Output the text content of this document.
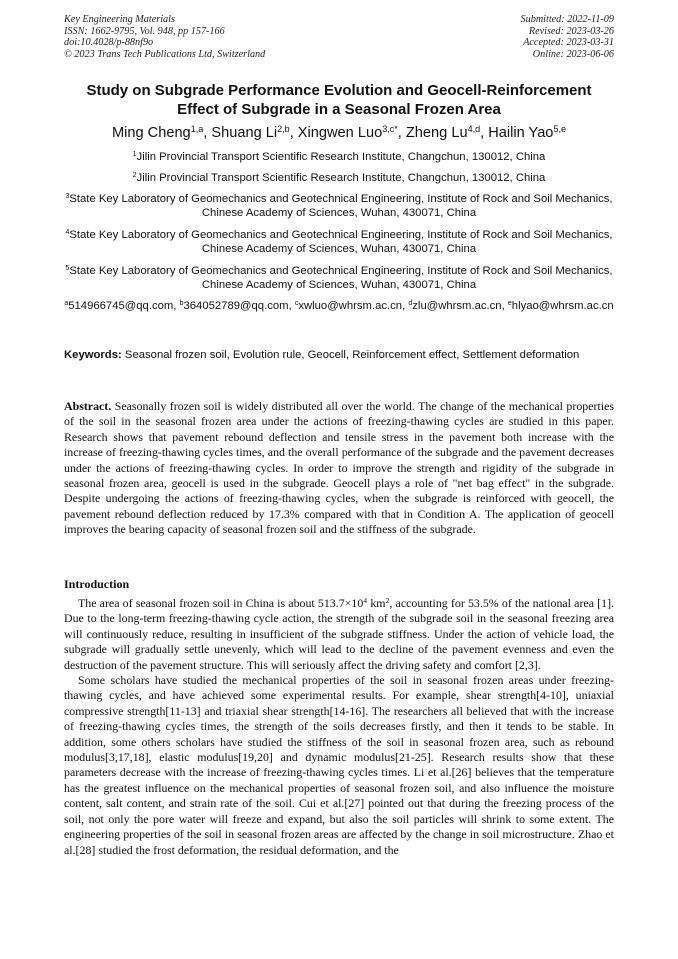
Key Engineering Materials
ISSN: 1662-9795, Vol. 948, pp 157-166
doi:10.4028/p-88nf9o
© 2023 Trans Tech Publications Ltd, Switzerland
Submitted: 2022-11-09
Revised: 2023-03-26
Accepted: 2023-03-31
Online: 2023-06-06
Study on Subgrade Performance Evolution and Geocell-Reinforcement Effect of Subgrade in a Seasonal Frozen Area
Ming Cheng$^{1,a}$, Shuang Li$^{2,b}$, Xingwen Luo$^{3,c*}$, Zheng Lu$^{4,d}$, Hailin Yao$^{5,e}$
$^1$Jilin Provincial Transport Scientific Research Institute, Changchun, 130012, China
$^2$Jilin Provincial Transport Scientific Research Institute, Changchun, 130012, China
$^3$State Key Laboratory of Geomechanics and Geotechnical Engineering, Institute of Rock and Soil Mechanics, Chinese Academy of Sciences, Wuhan, 430071, China
$^4$State Key Laboratory of Geomechanics and Geotechnical Engineering, Institute of Rock and Soil Mechanics, Chinese Academy of Sciences, Wuhan, 430071, China
$^5$State Key Laboratory of Geomechanics and Geotechnical Engineering, Institute of Rock and Soil Mechanics, Chinese Academy of Sciences, Wuhan, 430071, China
$^a$514966745@qq.com, $^b$364052789@qq.com, $^c$xwluo@whrsm.ac.cn, $^d$zlu@whrsm.ac.cn, $^e$hlyao@whrsm.ac.cn
Keywords: Seasonal frozen soil, Evolution rule, Geocell, Reinforcement effect, Settlement deformation
Abstract. Seasonally frozen soil is widely distributed all over the world. The change of the mechanical properties of the soil in the seasonal frozen area under the actions of freezing-thawing cycles are studied in this paper. Research shows that pavement rebound deflection and tensile stress in the pavement both increase with the increase of freezing-thawing cycles times, and the overall performance of the subgrade and the pavement decreases under the actions of freezing-thawing cycles. In order to improve the strength and rigidity of the subgrade in seasonal frozen area, geocell is used in the subgrade. Geocell plays a role of "net bag effect" in the subgrade. Despite undergoing the actions of freezing-thawing cycles, when the subgrade is reinforced with geocell, the pavement rebound deflection reduced by 17.3% compared with that in Condition A. The application of geocell improves the bearing capacity of seasonal frozen soil and the stiffness of the subgrade.
Introduction

The area of seasonal frozen soil in China is about $513.7\times 10^4$ $km^2$, accounting for 53.5% of the national area [1]. Due to the long-term freezing-thawing cycle action, the strength of the subgrade soil in the seasonal freezing area will continuously reduce, resulting in insufficient of the subgrade stiffness. Under the action of vehicle load, the subgrade will gradually settle unevenly, which will lead to the decline of the pavement evenness and even the destruction of the pavement structure. This will seriously affect the driving safety and comfort [2,3].

Some scholars have studied the mechanical properties of the soil in seasonal frozen areas under freezing-thawing cycles, and have achieved some experimental results. For example, shear strength[4-10], uniaxial compressive strength[11-13] and triaxial shear strength[14-16]. The researchers all believed that with the increase of freezing-thawing cycles times, the strength of the soils decreases firstly, and then it tends to be stable. In addition, some others scholars have studied the stiffness of the soil in seasonal frozen area, such as rebound modulus[3,17,18], elastic modulus[19,20] and dynamic modulus[21-25]. Research results show that these parameters decrease with the increase of freezing-thawing cycles times. Li et al.[26] believes that the temperature has the greatest influence on the mechanical properties of seasonal frozen soil, and also influence the moisture content, salt content, and strain rate of the soil. Cui et al.[27] pointed out that during the freezing process of the soil, not only the pore water will freeze and expand, but also the soil particles will shrink to some extent. The engineering properties of the soil in seasonal frozen areas are affected by the change in soil microstructure. Zhao et al.[28] studied the frost deformation, the residual deformation, and the
